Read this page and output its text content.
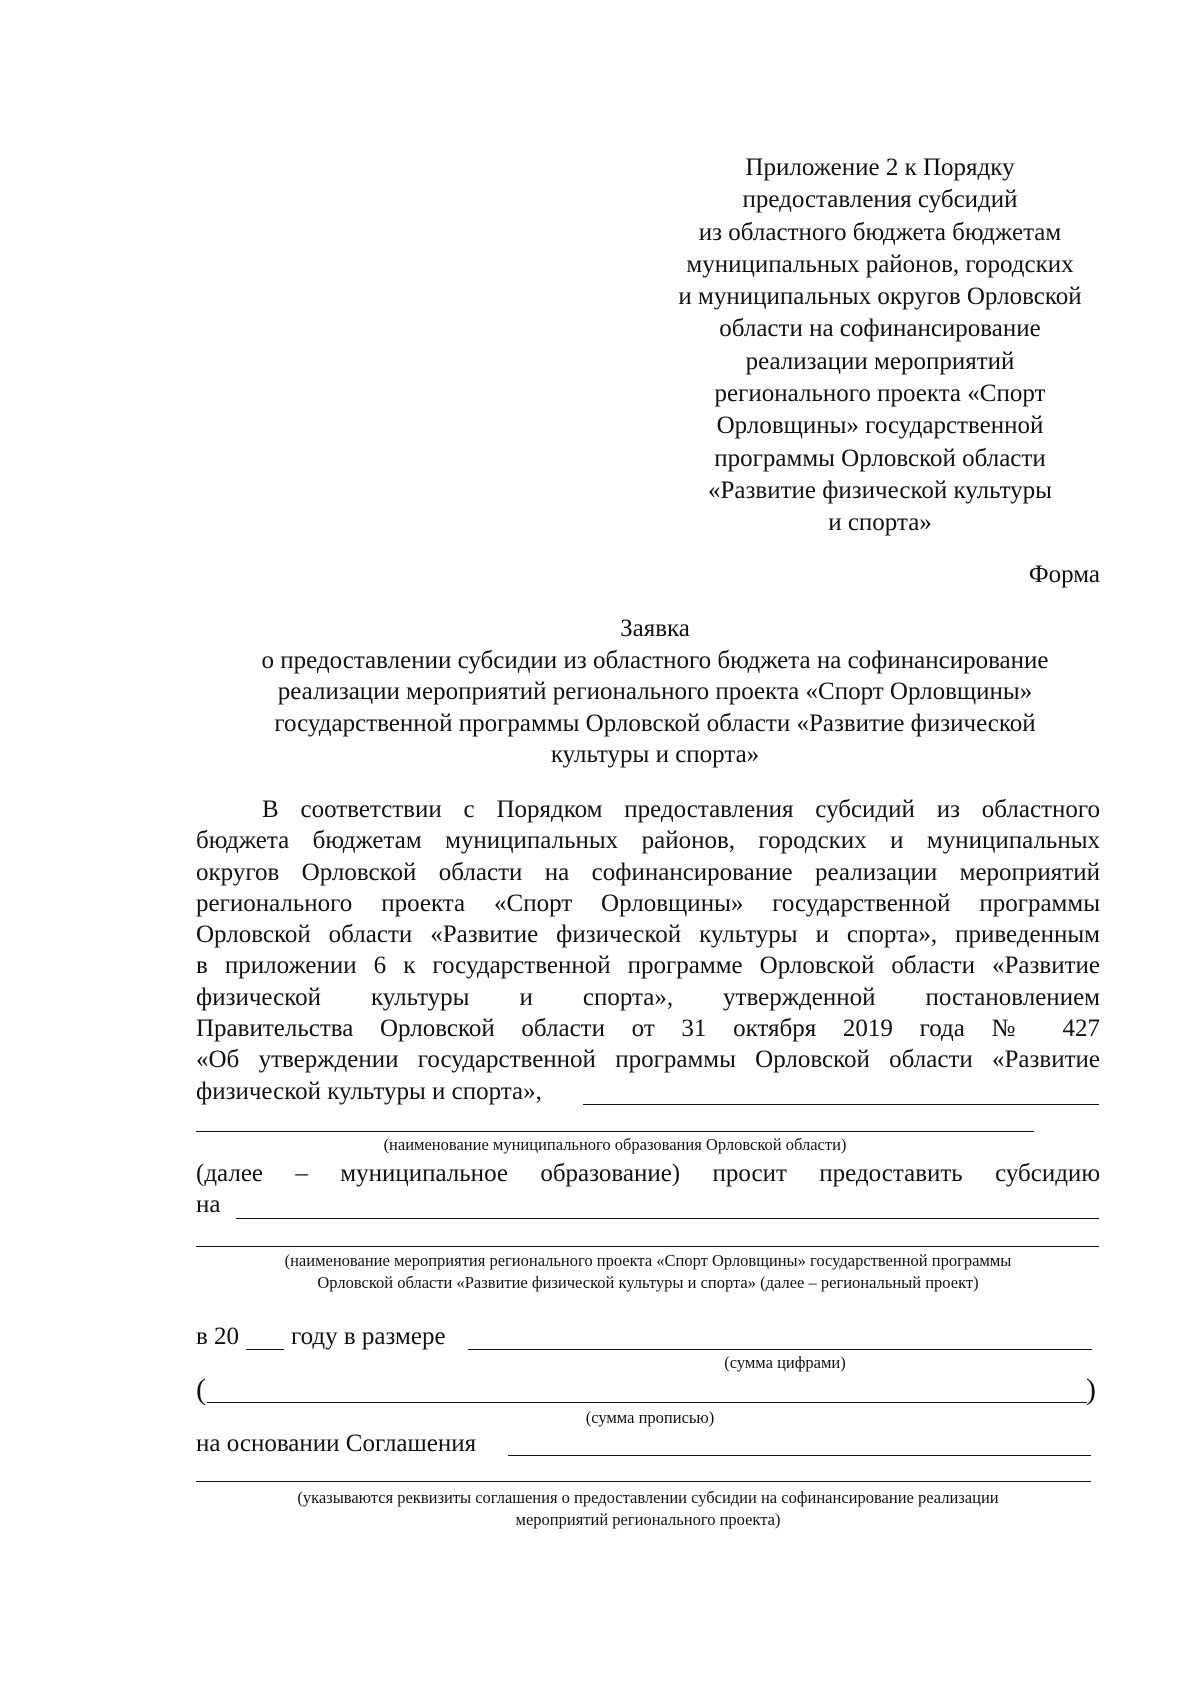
Приложение 2 к Порядку
предоставления субсидий
из областного бюджета бюджетам
муниципальных районов, городских
и муниципальных округов Орловской
области на софинансирование
реализации мероприятий
регионального проекта «Спорт
Орловщины» государственной
программы Орловской области
«Развитие физической культуры
и спорта»
Форма
Заявка
о предоставлении субсидии из областного бюджета на софинансирование
реализации мероприятий регионального проекта «Спорт Орловщины»
государственной программы Орловской области «Развитие физической
культуры и спорта»
В соответствии с Порядком предоставления субсидий из областного
бюджета бюджетам муниципальных районов, городских и муниципальных
округов Орловской области на софинансирование реализации мероприятий
регионального проекта «Спорт Орловщины» государственной программы
Орловской области «Развитие физической культуры и спорта», приведенным
в приложении 6 к государственной программе Орловской области «Развитие
физической культуры и спорта», утвержденной постановлением
Правительства Орловской области от 31 октября 2019 года № 427
«Об утверждении государственной программы Орловской области «Развитие
физической культуры и спорта»,
(наименование муниципального образования Орловской области)
(далее – муниципальное образование) просит предоставить субсидию
на
(наименование мероприятия регионального проекта «Спорт Орловщины» государственной программы
Орловской области «Развитие физической культуры и спорта» (далее – региональный проект)
в 20 году в размере
(сумма цифрами)
(	)
(сумма прописью)
на основании Соглашения
(указываются реквизиты соглашения о предоставлении субсидии на софинансирование реализации
мероприятий регионального проекта)
